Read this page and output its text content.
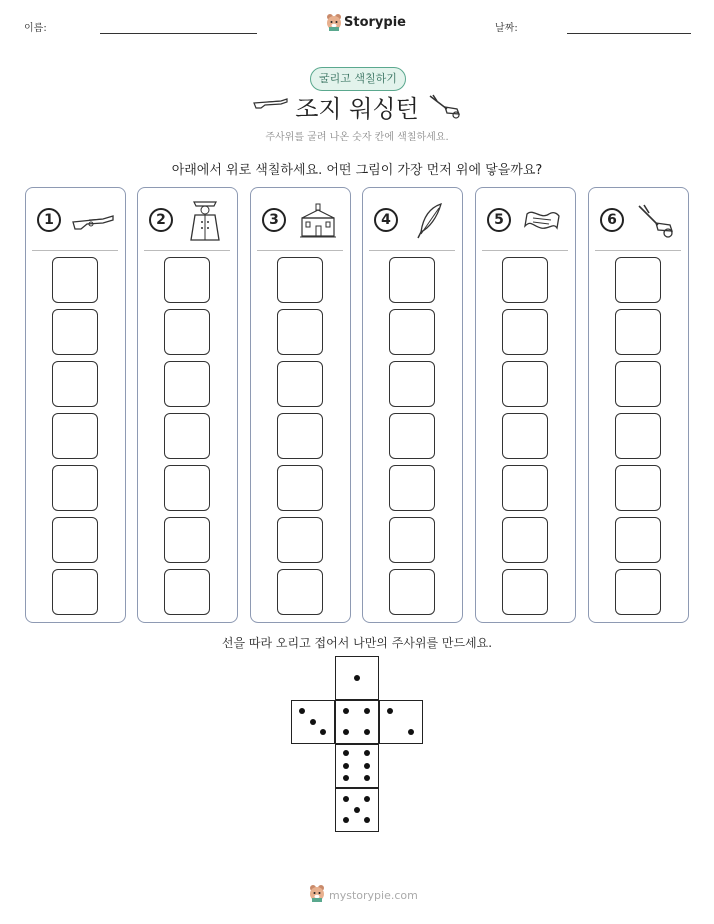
이름:	Storypie	날짜:
굴리고 색칠하기
조지 워싱턴
주사위를 굴려 나온 숫자 칸에 색칠하세요.
아래에서 위로 색칠하세요. 어떤 그림이 가장 먼저 위에 닿을까요?
1	2	3	4	5	6
선을 따라 오리고 접어서 나만의 주사위를 만드세요.
mystorypie.com
